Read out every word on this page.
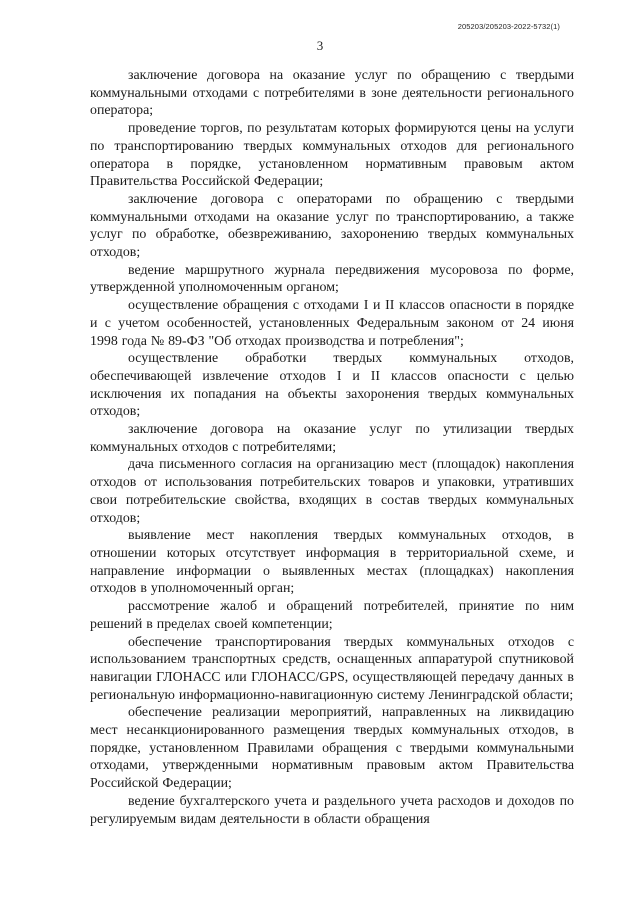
205203/205203-2022-5732(1)
3

заключение договора на оказание услуг по обращению с твердыми коммунальными отходами с потребителями в зоне деятельности регионального оператора;

проведение торгов, по результатам которых формируются цены на услуги по транспортированию твердых коммунальных отходов для регионального оператора в порядке, установленном нормативным правовым актом Правительства Российской Федерации;

заключение договора с операторами по обращению с твердыми коммунальными отходами на оказание услуг по транспортированию, а также услуг по обработке, обезвреживанию, захоронению твердых коммунальных отходов;

ведение маршрутного журнала передвижения мусоровоза по форме, утвержденной уполномоченным органом;

осуществление обращения с отходами I и II классов опасности в порядке и с учетом особенностей, установленных Федеральным законом от 24 июня 1998 года № 89-ФЗ "Об отходах производства и потребления";

осуществление обработки твердых коммунальных отходов, обеспечивающей извлечение отходов I и II классов опасности с целью исключения их попадания на объекты захоронения твердых коммунальных отходов;

заключение договора на оказание услуг по утилизации твердых коммунальных отходов с потребителями;

дача письменного согласия на организацию мест (площадок) накопления отходов от использования потребительских товаров и упаковки, утративших свои потребительские свойства, входящих в состав твердых коммунальных отходов;

выявление мест накопления твердых коммунальных отходов, в отношении которых отсутствует информация в территориальной схеме, и направление информации о выявленных местах (площадках) накопления отходов в уполномоченный орган;

рассмотрение жалоб и обращений потребителей, принятие по ним решений в пределах своей компетенции;

обеспечение транспортирования твердых коммунальных отходов с использованием транспортных средств, оснащенных аппаратурой спутниковой навигации ГЛОНАСС или ГЛОНАСС/GPS, осуществляющей передачу данных в региональную информационно-навигационную систему Ленинградской области;

обеспечение реализации мероприятий, направленных на ликвидацию мест несанкционированного размещения твердых коммунальных отходов, в порядке, установленном Правилами обращения с твердыми коммунальными отходами, утвержденными нормативным правовым актом Правительства Российской Федерации;

ведение бухгалтерского учета и раздельного учета расходов и доходов по регулируемым видам деятельности в области обращения
